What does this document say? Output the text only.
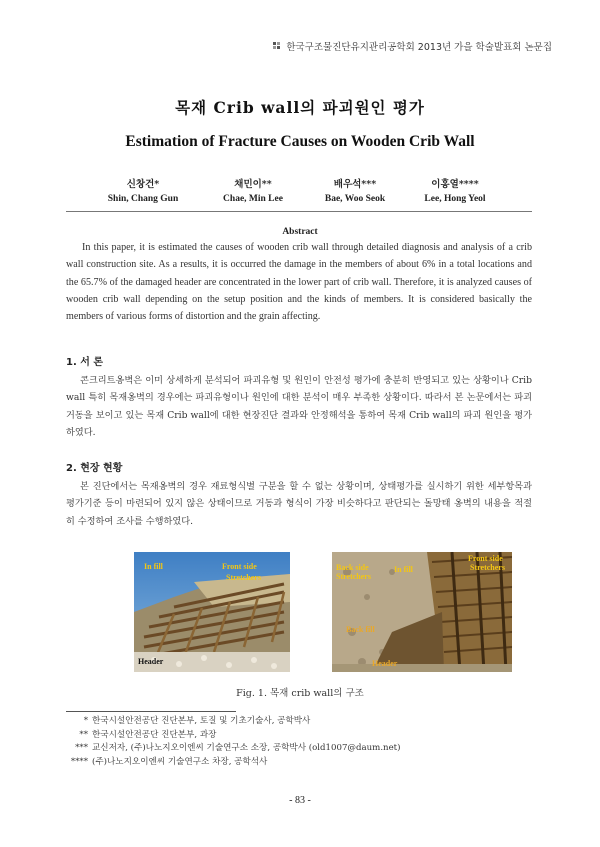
한국구조물진단유지관리공학회 2013년 가을 학술발표회 논문집
목재 Crib wall의 파괴원인 평가
Estimation of Fracture Causes on Wooden Crib Wall
신창건*
Shin, Chang Gun
채민이**
Chae, Min Lee
배우석***
Bae, Woo Seok
이홍열****
Lee, Hong Yeol
Abstract
In this paper, it is estimated the causes of wooden crib wall through detailed diagnosis and analysis of a crib wall construction site. As a results, it is occurred the damage in the members of about 6% in a total locations and the 65.7% of the damaged header are concentrated in the lower part of crib wall. Therefore, it is analyzed causes of wooden crib wall depending on the setup position and the kinds of members. It is considered basically the members of various forms of distortion and the grain affecting.
1. 서 론
콘크리트옹벽은 이미 상세하게 분석되어 파괴유형 및 원인이 안전성 평가에 충분히 반영되고 있는 상황이나 Crib wall 특히 목재옹벽의 경우에는 파괴유형이나 원인에 대한 분석이 매우 부족한 상황이다. 따라서 본 논문에서는 파괴거동을 보이고 있는 목재 Crib wall에 대한 현장진단 결과와 안정해석을 통하여 목재 Crib wall의 파괴 원인을 평가하였다.
2. 현장 현황
본 진단에서는 목재옹벽의 경우 재료형식별 구분을 할 수 없는 상황이며, 상태평가를 실시하기 위한 세부항목과 평가기준 등이 마련되어 있지 않은 상태이므로 거동과 형식이 가장 비슷하다고 판단되는 돌망태 옹벽의 내용을 적절히 수정하여 조사를 수행하였다.
In fill	Front side
Stretchers
Header
Back side
Stretchers
In fill
Front side
Stretchers
Back fill
Header
Fig. 1. 목재 crib wall의 구조
* 한국시설안전공단 진단본부, 토질 및 기초기술사, 공학박사
** 한국시설안전공단 진단본부, 과장
*** 교신저자, (주)나노지오이엔씨 기술연구소 소장, 공학박사 (old1007@daum.net)
**** (주)나노지오이엔씨 기술연구소 차장, 공학석사
- 83 -
